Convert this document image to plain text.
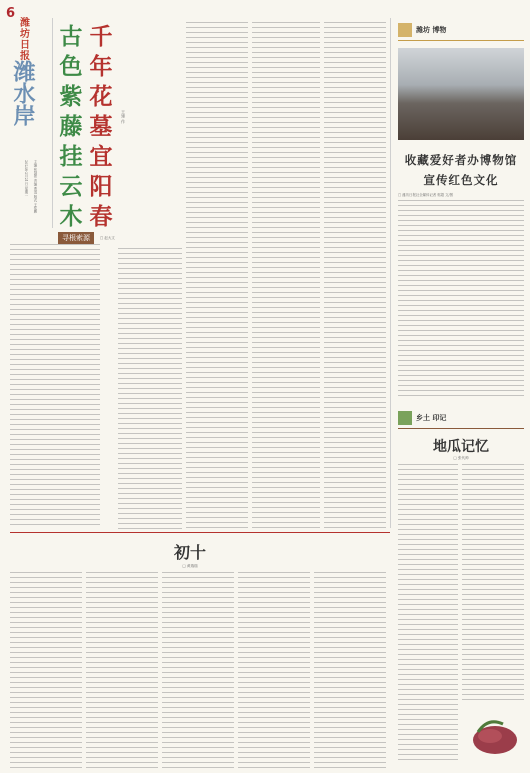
6
潍坊日报
潍水岸
2023年2月21日 星期二 主编 张国伟 责编 贾清 版式 王佳鹏
古
色
紫
藤
挂
云
木
千
年
花
墓
宜
阳
春
王建 作
寻根索源	□ 赵大文
潍坊 博物
收藏爱好者办博物馆
宣传红色文化
□ 潍坊日报社全媒体记者 郭超 文/图
乡土 印记
地瓜记忆
□ 张代帅
初十
□ 黄瑞瑞
